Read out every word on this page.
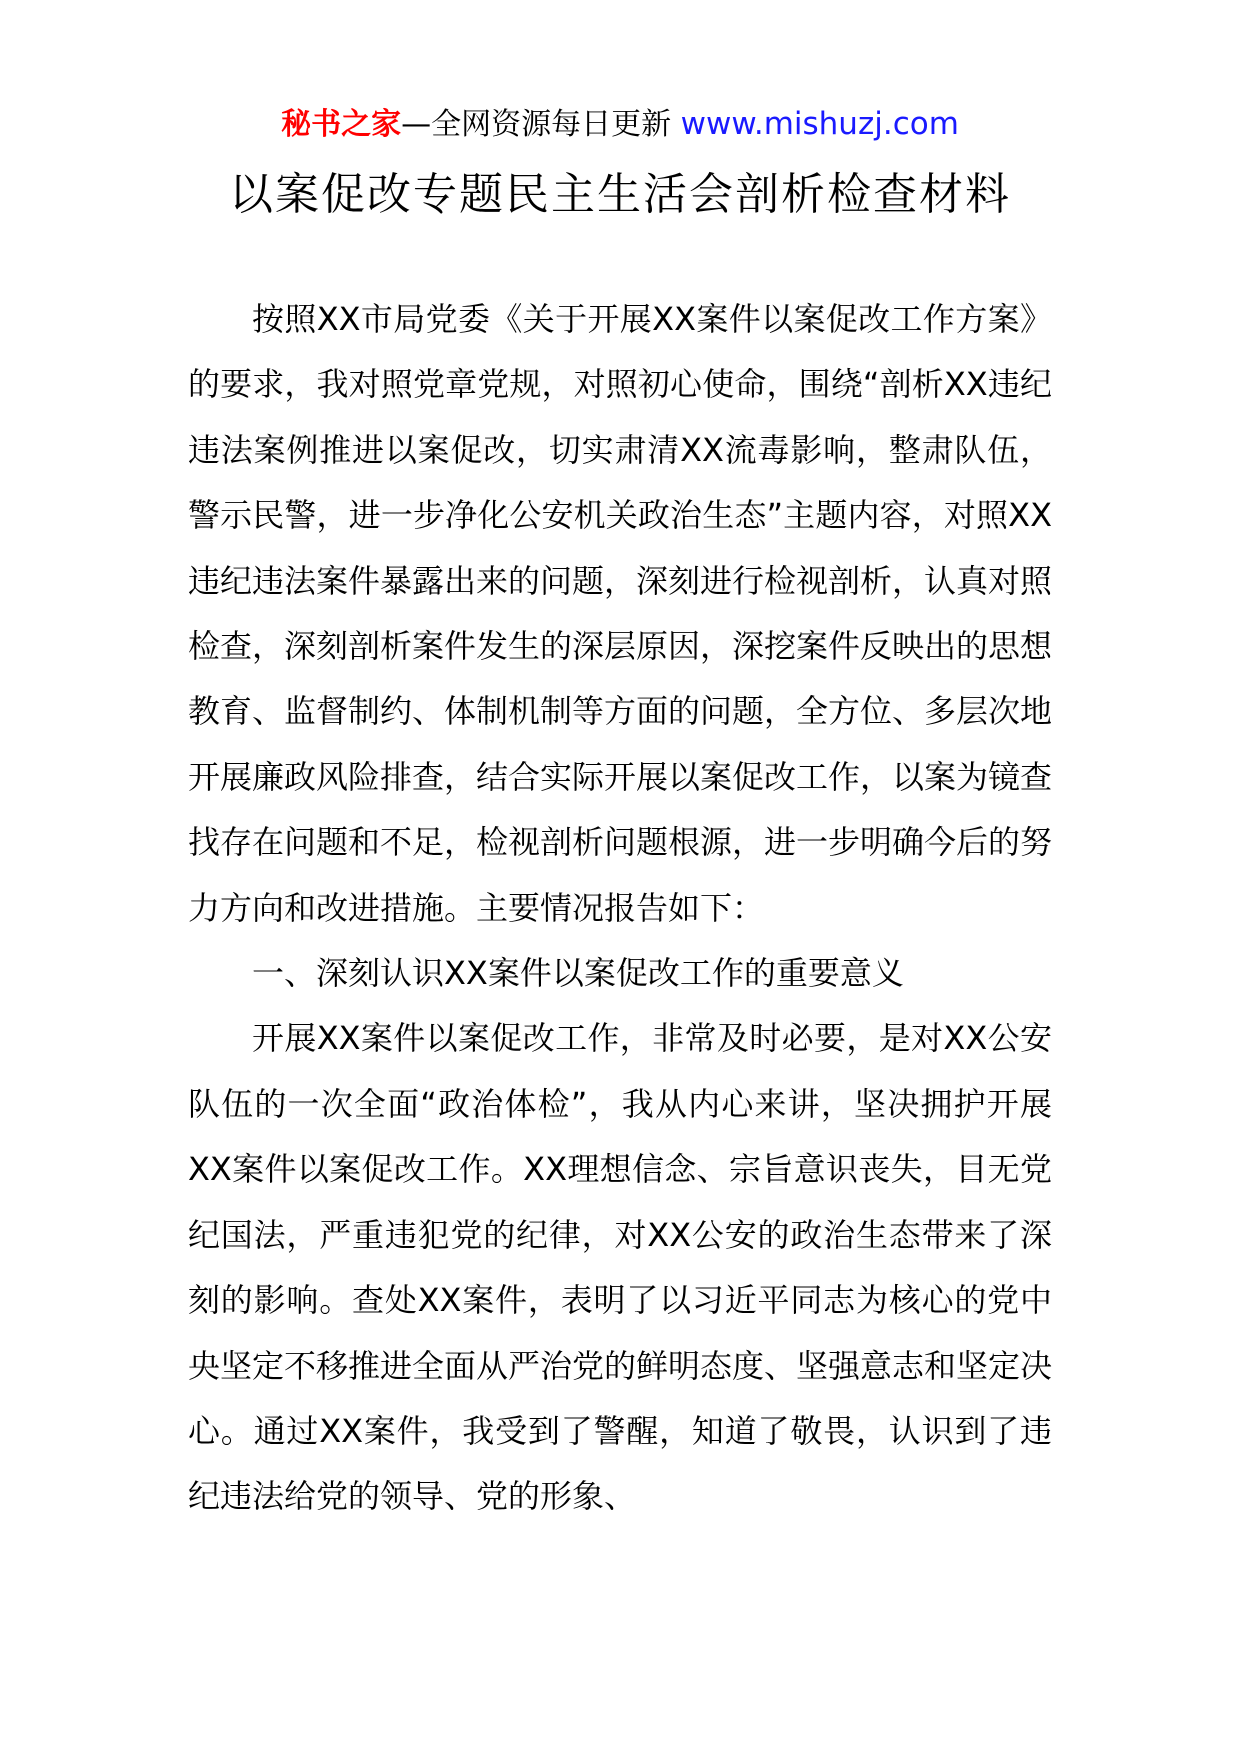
秘书之家—全网资源每日更新 www.mishuzj.com
以案促改专题民主生活会剖析检查材料

按照XX市局党委《关于开展XX案件以案促改工作方案》的要求，我对照党章党规，对照初心使命，围绕“剖析XX违纪违法案例推进以案促改，切实肃清XX流毒影响，整肃队伍，警示民警，进一步净化公安机关政治生态”主题内容，对照XX违纪违法案件暴露出来的问题，深刻进行检视剖析，认真对照检查，深刻剖析案件发生的深层原因，深挖案件反映出的思想教育、监督制约、体制机制等方面的问题，全方位、多层次地开展廉政风险排查，结合实际开展以案促改工作，以案为镜查找存在问题和不足，检视剖析问题根源，进一步明确今后的努力方向和改进措施。主要情况报告如下：

一、深刻认识XX案件以案促改工作的重要意义

开展XX案件以案促改工作，非常及时必要，是对XX公安队伍的一次全面“政治体检”，我从内心来讲，坚决拥护开展XX案件以案促改工作。XX理想信念、宗旨意识丧失，目无党纪国法，严重违犯党的纪律，对XX公安的政治生态带来了深刻的影响。查处XX案件，表明了以习近平同志为核心的党中央坚定不移推进全面从严治党的鲜明态度、坚强意志和坚定决心。通过XX案件，我受到了警醒，知道了敬畏，认识到了违纪违法给党的领导、党的形象、
